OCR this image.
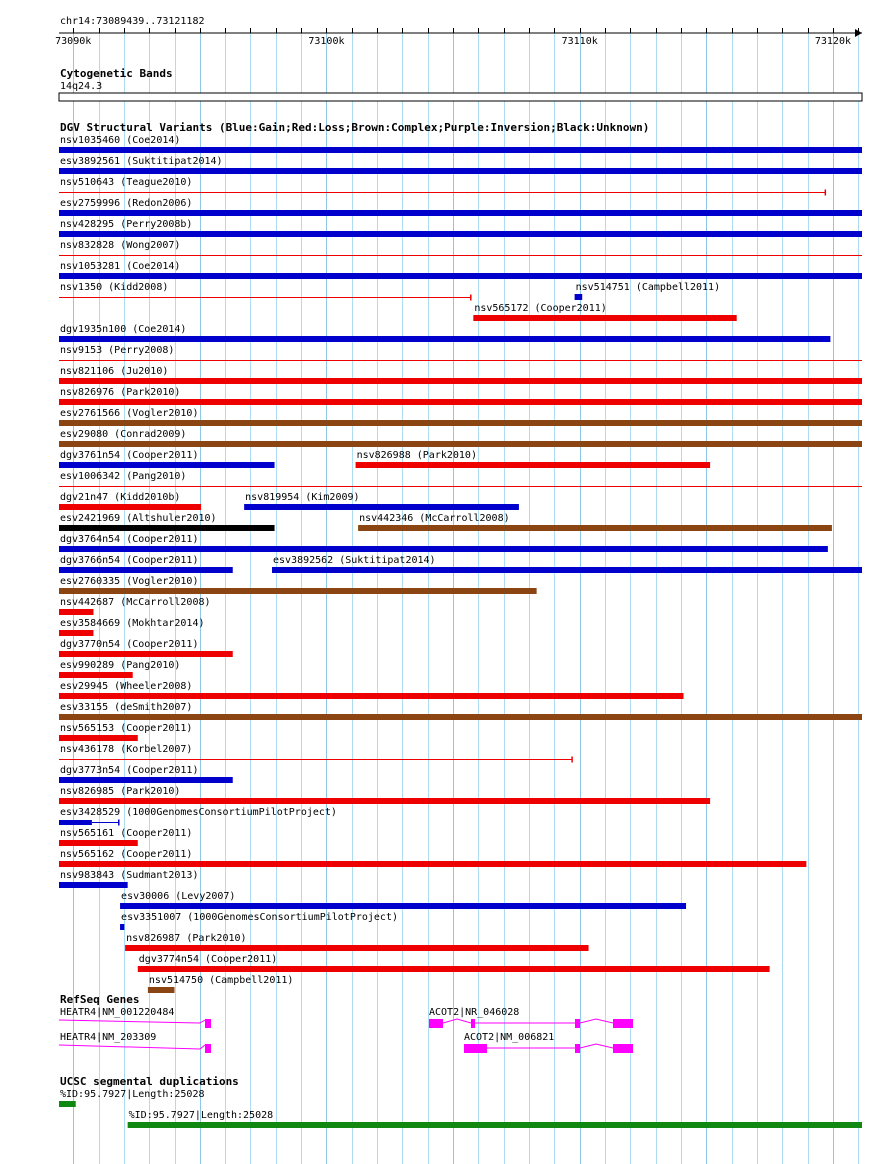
chr14:73089439..73121182
73090k	73100k	73110k	73120k
Cytogenetic Bands
14q24.3
DGV Structural Variants (Blue:Gain;Red:Loss;Brown:Complex;Purple:Inversion;Black:Unknown)
nsv1035460 (Coe2014)
esv3892561 (Suktitipat2014)
nsv510643 (Teague2010)
esv2759996 (Redon2006)
nsv428295 (Perry2008b)
nsv832828 (Wong2007)
nsv1053281 (Coe2014)
nsv1350 (Kidd2008)
nsv565172 (Cooper2011)
dgv1935n100 (Coe2014)
nsv9153 (Perry2008)
nsv821106 (Ju2010)
nsv826976 (Park2010)
esv2761566 (Vogler2010)
esv29080 (Conrad2009)
dgv3761n54 (Cooper2011)	nsv826988 (Park2010)
esv1006342 (Pang2010)
dgv21n47 (Kidd2010b)	nsv819954 (Kim2009)
nsv514751 (Campbell2011)
esv2421969 (Altshuler2010)	nsv442346 (McCarroll2008)
dgv3764n54 (Cooper2011)
dgv3766n54 (Cooper2011)	esv3892562 (Suktitipat2014)
esv2760335 (Vogler2010)
nsv442687 (McCarroll2008)
esv3584669 (Mokhtar2014)
dgv3770n54 (Cooper2011)
esv990289 (Pang2010)
esv29945 (Wheeler2008)
esv33155 (deSmith2007)
nsv565153 (Cooper2011)
nsv436178 (Korbel2007)
dgv3773n54 (Cooper2011)
nsv826985 (Park2010)
esv3428529 (1000GenomesConsortiumPilotProject)
nsv565161 (Cooper2011)
nsv565162 (Cooper2011)
nsv983843 (Sudmant2013)
esv30006 (Levy2007)
esv3351007 (1000GenomesConsortiumPilotProject)
nsv826987 (Park2010)
dgv3774n54 (Cooper2011)
nsv514750 (Campbell2011)
RefSeq Genes
HEATR4|NM_001220484	ACOT2|NR_046028
HEATR4|NM_203309	ACOT2|NM_006821
UCSC segmental duplications
%ID:95.7927|Length:25028
%ID:95.7927|Length:25028
